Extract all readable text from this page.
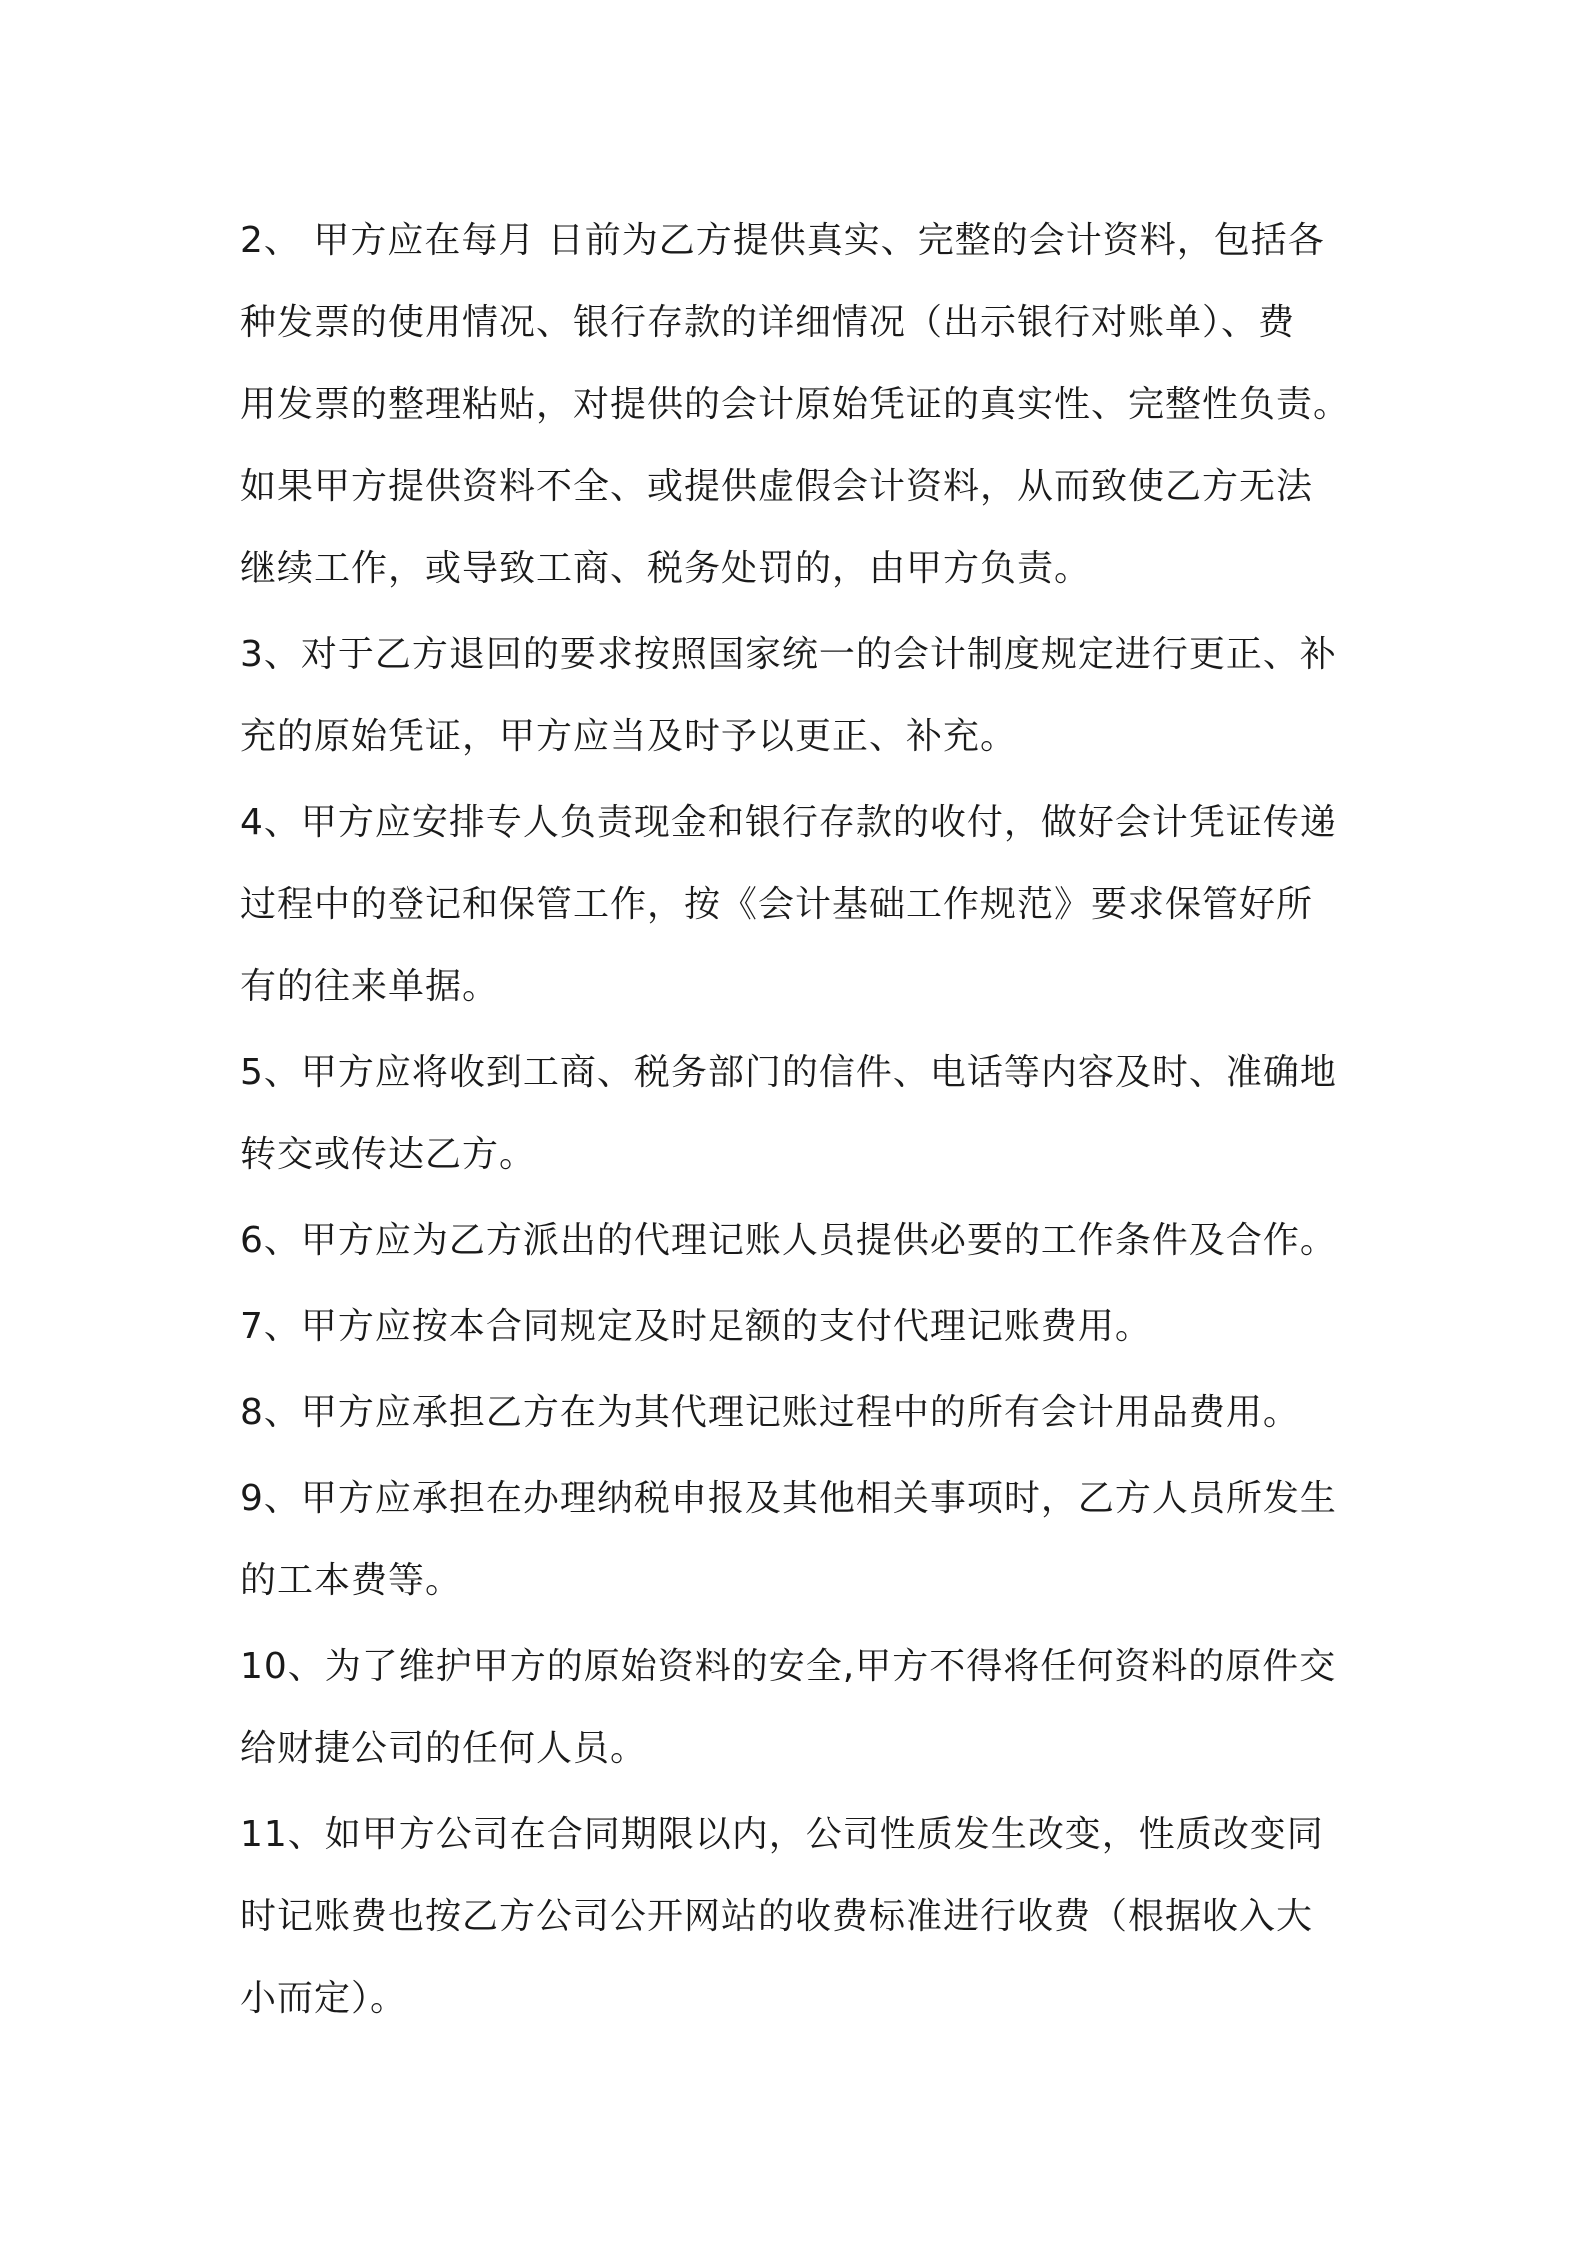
2、 甲方应在每月 日前为乙方提供真实、完整的会计资料，包括各
种发票的使用情况、银行存款的详细情况（出示银行对账单）、费
用发票的整理粘贴，对提供的会计原始凭证的真实性、完整性负责。
如果甲方提供资料不全、或提供虚假会计资料，从而致使乙方无法
继续工作，或导致工商、税务处罚的，由甲方负责。
3、对于乙方退回的要求按照国家统一的会计制度规定进行更正、补
充的原始凭证，甲方应当及时予以更正、补充。
4、甲方应安排专人负责现金和银行存款的收付，做好会计凭证传递
过程中的登记和保管工作，按《会计基础工作规范》要求保管好所
有的往来单据。
5、甲方应将收到工商、税务部门的信件、电话等内容及时、准确地
转交或传达乙方。
6、甲方应为乙方派出的代理记账人员提供必要的工作条件及合作。
7、甲方应按本合同规定及时足额的支付代理记账费用。
8、甲方应承担乙方在为其代理记账过程中的所有会计用品费用。
9、甲方应承担在办理纳税申报及其他相关事项时，乙方人员所发生
的工本费等。
10、为了维护甲方的原始资料的安全,甲方不得将任何资料的原件交
给财捷公司的任何人员。
11、如甲方公司在合同期限以内，公司性质发生改变，性质改变同
时记账费也按乙方公司公开网站的收费标准进行收费（根据收入大
小而定）。
